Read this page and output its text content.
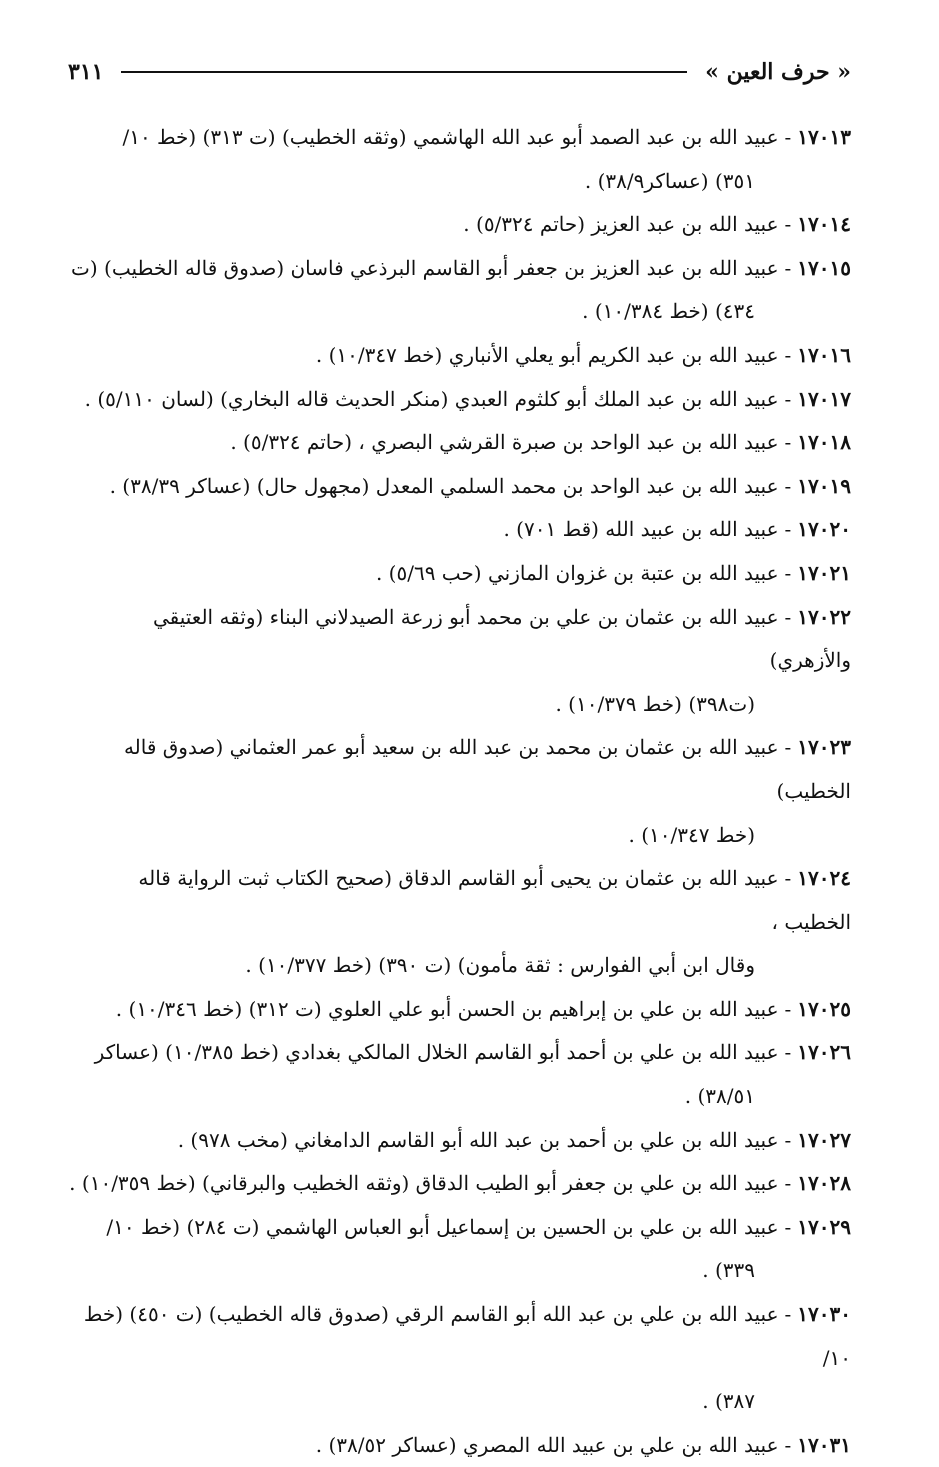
« حرف العين »
٣١١
١٧٠١٣-عبيد الله بن عبد الصمد أبو عبد الله الهاشمي (وثقه الخطيب) (ت ٣١٣) (خط ١٠/
٣٥١) (عساكر٣٨/٩) .
١٧٠١٤-عبيد الله بن عبد العزيز (حاتم ٥/٣٢٤) .
١٧٠١٥-عبيد الله بن عبد العزيز بن جعفر أبو القاسم البرذعي فاسان (صدوق قاله الخطيب) (ت
٤٣٤) (خط ١٠/٣٨٤) .
١٧٠١٦-عبيد الله بن عبد الكريم أبو يعلي الأنباري (خط ١٠/٣٤٧) .
١٧٠١٧-عبيد الله بن عبد الملك أبو كلثوم العبدي (منكر الحديث قاله البخاري) (لسان ٥/١١٠) .
١٧٠١٨-عبيد الله بن عبد الواحد بن صبرة القرشي البصري ، (حاتم ٥/٣٢٤) .
١٧٠١٩-عبيد الله بن عبد الواحد بن محمد السلمي المعدل (مجهول حال) (عساكر ٣٨/٣٩) .
١٧٠٢٠-عبيد الله بن عبيد الله (قط ٧٠١) .
١٧٠٢١-عبيد الله بن عتبة بن غزوان المازني (حب ٥/٦٩) .
١٧٠٢٢-عبيد الله بن عثمان بن علي بن محمد أبو زرعة الصيدلاني البناء (وثقه العتيقي والأزهري)
(ت٣٩٨) (خط ١٠/٣٧٩) .
١٧٠٢٣-عبيد الله بن عثمان بن محمد بن عبد الله بن سعيد أبو عمر العثماني (صدوق قاله الخطيب)
(خط ١٠/٣٤٧) .
١٧٠٢٤-عبيد الله بن عثمان بن يحيى أبو القاسم الدقاق (صحيح الكتاب ثبت الرواية قاله الخطيب ،
وقال ابن أبي الفوارس : ثقة مأمون) (ت ٣٩٠) (خط ١٠/٣٧٧) .
١٧٠٢٥-عبيد الله بن علي بن إبراهيم بن الحسن أبو علي العلوي (ت ٣١٢) (خط ١٠/٣٤٦) .
١٧٠٢٦-عبيد الله بن علي بن أحمد أبو القاسم الخلال المالكي بغدادي (خط ١٠/٣٨٥) (عساكر
٣٨/٥١) .
١٧٠٢٧-عبيد الله بن علي بن أحمد بن عبد الله أبو القاسم الدامغاني (مخب ٩٧٨) .
١٧٠٢٨-عبيد الله بن علي بن جعفر أبو الطيب الدقاق (وثقه الخطيب والبرقاني) (خط ١٠/٣٥٩) .
١٧٠٢٩-عبيد الله بن علي بن الحسين بن إسماعيل أبو العباس الهاشمي (ت ٢٨٤) (خط ١٠/
٣٣٩) .
١٧٠٣٠-عبيد الله بن علي بن عبد الله أبو القاسم الرقي (صدوق قاله الخطيب) (ت ٤٥٠) (خط ١٠/
٣٨٧) .
١٧٠٣١-عبيد الله بن علي بن عبيد الله المصري (عساكر ٣٨/٥٢) .
